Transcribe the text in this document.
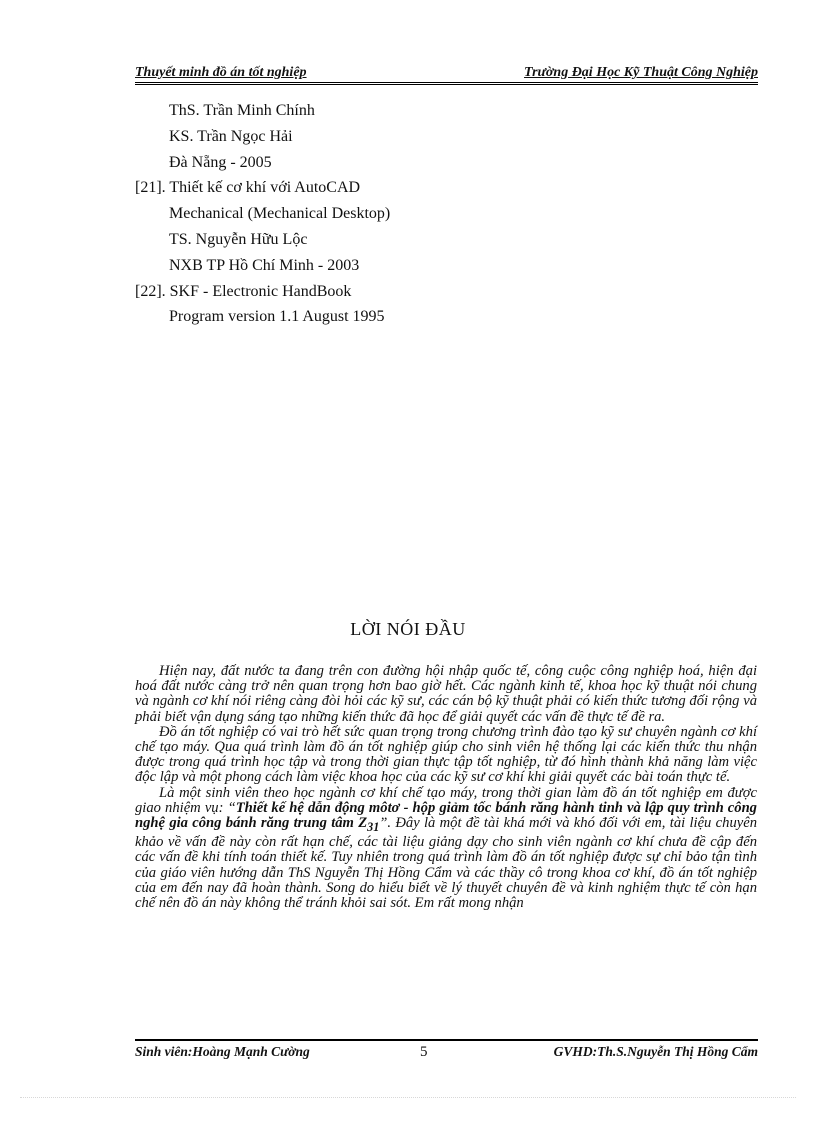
Thuyết minh đồ án tốt nghiệp	Trường Đại Học Kỹ Thuật Công Nghiệp
ThS. Trần Minh Chính
KS. Trần Ngọc Hải
Đà Nẵng - 2005
[21]. Thiết kế cơ khí với AutoCAD
Mechanical (Mechanical Desktop)
TS. Nguyễn Hữu Lộc
NXB TP Hồ Chí Minh - 2003
[22]. SKF - Electronic HandBook
Program version 1.1 August 1995
LỜI NÓI ĐẦU

Hiện nay, đất nước ta đang trên con đường hội nhập quốc tế, công cuộc công nghiệp hoá, hiện đại hoá đất nước càng trở nên quan trọng hơn bao giờ hết. Các ngành kinh tế, khoa học kỹ thuật nói chung và ngành cơ khí nói riêng càng đòi hỏi các kỹ sư, các cán bộ kỹ thuật phải có kiến thức tương đối rộng và phải biết vận dụng sáng tạo những kiến thức đã học để giải quyết các vấn đề thực tế đề ra.

Đồ án tốt nghiệp có vai trò hết sức quan trọng trong chương trình đào tạo kỹ sư chuyên ngành cơ khí chế tạo máy. Qua quá trình làm đồ án tốt nghiệp giúp cho sinh viên hệ thống lại các kiến thức thu nhận được trong quá trình học tập và trong thời gian thực tập tốt nghiệp, từ đó hình thành khả năng làm việc độc lập và một phong cách làm việc khoa học của các kỹ sư cơ khí khi giải quyết các bài toán thực tế.

Là một sinh viên theo học ngành cơ khí chế tạo máy, trong thời gian làm đồ án tốt nghiệp em được giao nhiệm vụ: “Thiết kế hệ dẫn động môtơ - hộp giảm tốc bánh răng hành tinh và lập quy trình công nghệ gia công bánh răng trung tâm $Z_{31}$”. Đây là một đề tài khá mới và khó đối với em, tài liệu chuyên khảo về vấn đề này còn rất hạn chế, các tài liệu giảng dạy cho sinh viên ngành cơ khí chưa đề cập đến các vấn đề khi tính toán thiết kế. Tuy nhiên trong quá trình làm đồ án tốt nghiệp được sự chỉ bảo tận tình của giáo viên hướng dẫn ThS Nguyễn Thị Hồng Cẩm và các thầy cô trong khoa cơ khí, đồ án tốt nghiệp của em đến nay đã hoàn thành. Song do hiểu biết về lý thuyết chuyên đề và kinh nghiệm thực tế còn hạn chế nên đồ án này không thể tránh khỏi sai sót. Em rất mong nhận

Sinh viên:Hoàng Mạnh Cường	5	GVHD:Th.S.Nguyễn Thị Hồng Cẩm
